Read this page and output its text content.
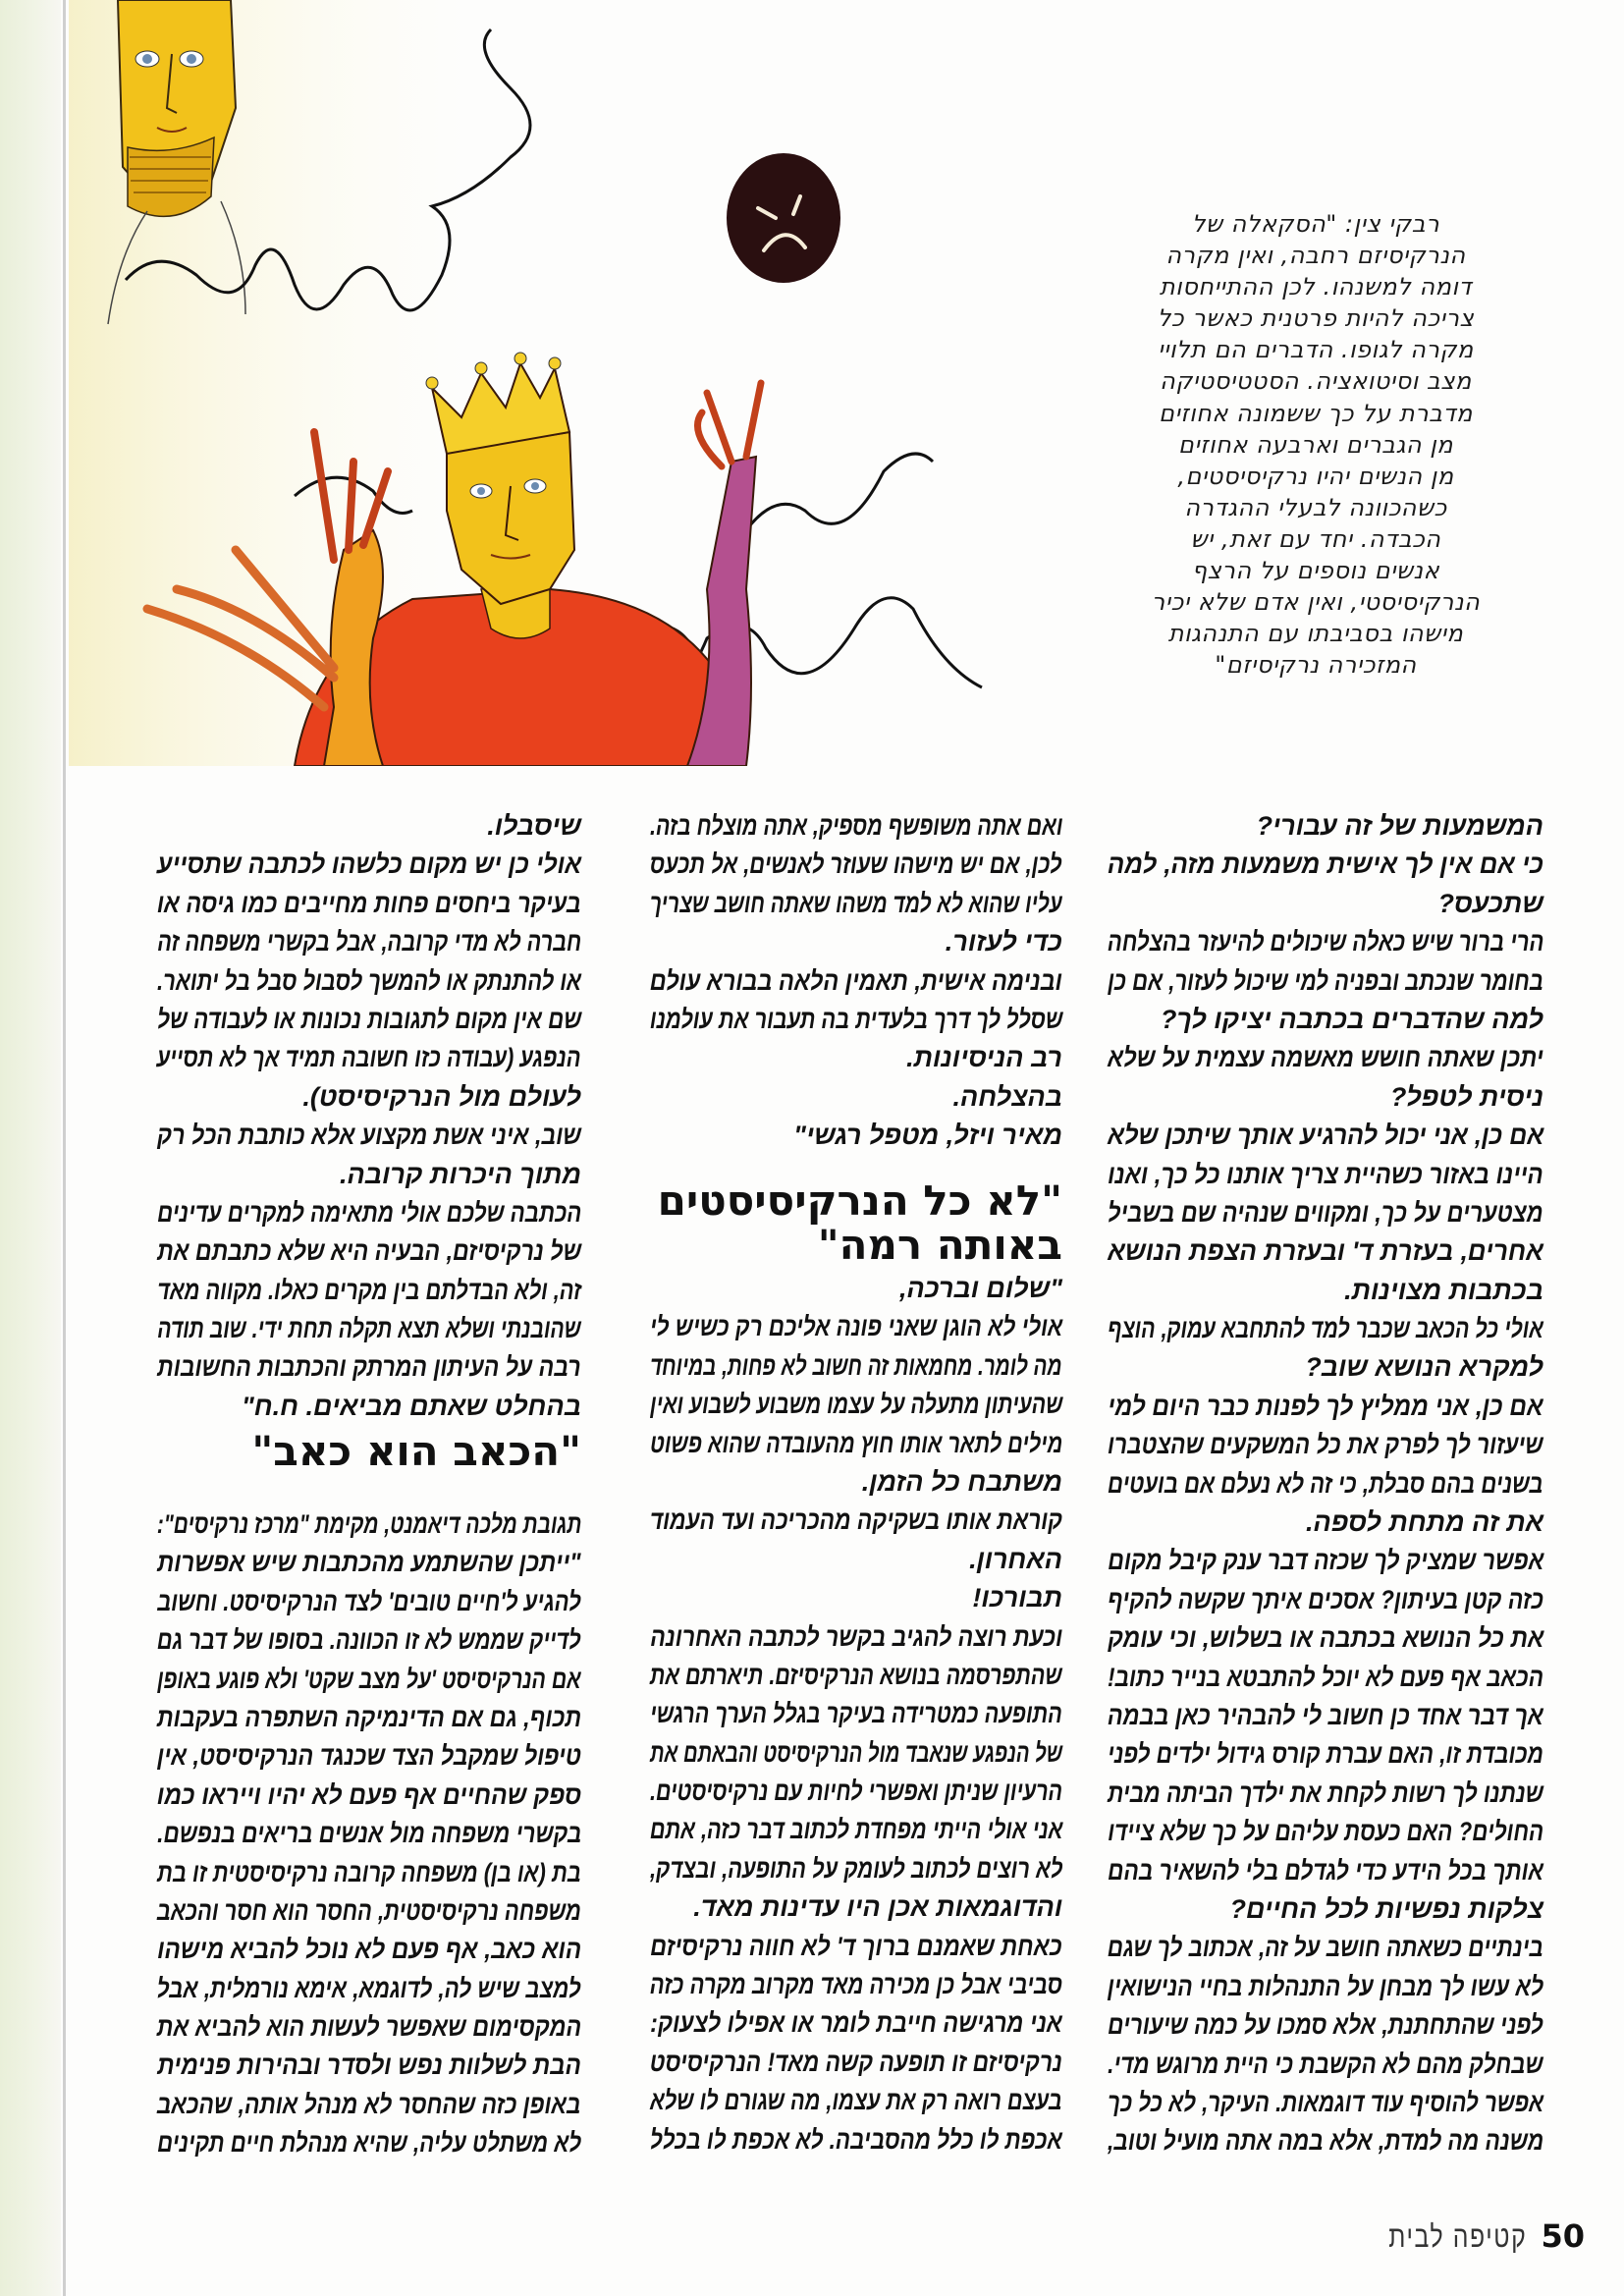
רבקי צין: "הסקאלה של
הנרקיסיזם רחבה, ואין מקרה
דומה למשנהו. לכן ההתייחסות
צריכה להיות פרטנית כאשר כל
מקרה לגופו. הדברים הם תלויי
מצב וסיטואציה. הסטטיסטיקה
מדברת על כך ששמונה אחוזים
מן הגברים וארבעה אחוזים
מן הנשים יהיו נרקיסיסטים,
כשהכוונה לבעלי ההגדרה
הכבדה. יחד עם זאת, יש
אנשים נוספים על הרצף
הנרקיסיסטי, ואין אדם שלא יכיר
מישהו בסביבתו עם התנהגות
המזכירה נרקיסיזם"
המשמעות של זה עבורי?
כי אם אין לך אישית משמעות מזה, למה
שתכעס?
הרי ברור שיש כאלה שיכולים להיעזר בהצלחה
בחומר שנכתב ובפניה למי שיכול לעזור, אם כן
למה שהדברים בכתבה יציקו לך?
יתכן שאתה חושש מאשמה עצמית על שלא
ניסית לטפל?
אם כן, אני יכול להרגיע אותך שיתכן שלא
היינו באזור כשהיית צריך אותנו כל כך, ואנו
מצטערים על כך, ומקווים שנהיה שם בשביל
אחרים, בעזרת ד' ובעזרת הצפת הנושא
בכתבות מצוינות.
אולי כל הכאב שכבר למד להתחבא עמוק, הוצף
למקרא הנושא שוב?
אם כן, אני ממליץ לך לפנות כבר היום למי
שיעזור לך לפרק את כל המשקעים שהצטברו
בשנים בהם סבלת, כי זה לא נעלם אם בועטים
את זה מתחת לספה.
אפשר שמציק לך שכזה דבר ענק קיבל מקום
כזה קטן בעיתון? אסכים איתך שקשה להקיף
את כל הנושא בכתבה או בשלוש, וכי עומק
הכאב אף פעם לא יוכל להתבטא בנייר כתוב!
אך דבר אחד כן חשוב לי להבהיר כאן בבמה
מכובדת זו, האם עברת קורס גידול ילדים לפני
שנתנו לך רשות לקחת את ילדך הביתה מבית
החולים? האם כעסת עליהם על כך שלא ציידו
אותך בכל הידע כדי לגדלם בלי להשאיר בהם
צלקות נפשיות לכל החיים?
בינתיים כשאתה חושב על זה, אכתוב לך שגם
לא עשו לך מבחן על התנהלות בחיי הנישואין
לפני שהתחתנת, אלא סמכו על כמה שיעורים
שבחלק מהם לא הקשבת כי היית מרוגש מדי.
אפשר להוסיף עוד דוגמאות. העיקר, לא כל כך
משנה מה למדת, אלא במה אתה מועיל וטוב,
ואם אתה משופשף מספיק, אתה מוצלח בזה.
לכן, אם יש מישהו שעוזר לאנשים, אל תכעס
עליו שהוא לא למד משהו שאתה חושב שצריך
כדי לעזור.
ובנימה אישית, תאמין הלאה בבורא עולם
שסלל לך דרך בלעדית בה תעבור את עולמנו
רב הניסיונות.
בהצלחה.
מאיר ויזל, מטפל רגשי"
"לא כל הנרקיסיסטים
באותה רמה"
"שלום וברכה,
אולי לא הוגן שאני פונה אליכם רק כשיש לי
מה לומר. מחמאות זה חשוב לא פחות, במיוחד
שהעיתון מתעלה על עצמו משבוע לשבוע ואין
מילים לתאר אותו חוץ מהעובדה שהוא פשוט
משתבח כל הזמן.
קוראת אותו בשקיקה מהכריכה ועד העמוד
האחרון.
תבורכו!
וכעת רוצה להגיב בקשר לכתבה האחרונה
שהתפרסמה בנושא הנרקיסיזם. תיארתם את
התופעה כמטרידה בעיקר בגלל הערך הרגשי
של הנפגע שנאבד מול הנרקיסיסט והבאתם את
הרעיון שניתן ואפשרי לחיות עם נרקיסיסטים.
אני אולי הייתי מפחדת לכתוב דבר כזה, אתם
לא רוצים לכתוב לעומק על התופעה, ובצדק,
והדוגמאות אכן היו עדינות מאד.
כאחת שאמנם ברוך ד' לא חווה נרקיסיזם
סביבי אבל כן מכירה מאד מקרוב מקרה כזה
אני מרגישה חייבת לומר או אפילו לצעוק:
נרקיסיזם זו תופעה קשה מאד! הנרקיסיסט
בעצם רואה רק את עצמו, מה שגורם לו שלא
אכפת לו כלל מהסביבה. לא אכפת לו בכלל
שיסבלו.
אולי כן יש מקום כלשהו לכתבה שתסייע
בעיקר ביחסים פחות מחייבים כמו גיסה או
חברה לא מדי קרובה, אבל בקשרי משפחה זה
או להתנתק או להמשך לסבול סבל בל יתואר.
שם אין מקום לתגובות נכונות או לעבודה של
הנפגע (עבודה כזו חשובה תמיד אך לא תסייע
לעולם מול הנרקיסיסט).
שוב, איני אשת מקצוע אלא כותבת הכל רק
מתוך היכרות קרובה.
הכתבה שלכם אולי מתאימה למקרים עדינים
של נרקיסיזם, הבעיה היא שלא כתבתם את
זה, ולא הבדלתם בין מקרים כאלו. מקווה מאד
שהובנתי ושלא תצא תקלה תחת ידי. שוב תודה
רבה על העיתון המרתק והכתבות החשובות
בהחלט שאתם מביאים. ח.ח"
"הכאב הוא כאב"
תגובת מלכה דיאמנט, מקימת "מרכז נרקיסים":
"ייתכן שהשתמע מהכתבות שיש אפשרות
להגיע ל'חיים טובים' לצד הנרקיסיסט. וחשוב
לדייק שממש לא זו הכוונה. בסופו של דבר גם
אם הנרקיסיסט 'על מצב שקט' ולא פוגע באופן
תכוף, גם אם הדינמיקה השתפרה בעקבות
טיפול שמקבל הצד שכנגד הנרקיסיסט, אין
ספק שהחיים אף פעם לא יהיו וייראו כמו
בקשרי משפחה מול אנשים בריאים בנפשם.
בת (או בן) משפחה קרובה נרקיסיסטית זו בת
משפחה נרקיסיסטית, החסר הוא חסר והכאב
הוא כאב, אף פעם לא נוכל להביא מישהו
למצב שיש לה, לדוגמא, אימא נורמלית, אבל
המקסימום שאפשר לעשות הוא להביא את
הבת לשלוות נפש ולסדר ובהירות פנימית
באופן כזה שהחסר לא מנהל אותה, שהכאב
לא משתלט עליה, שהיא מנהלת חיים תקינים
50
קטיפה לבית
